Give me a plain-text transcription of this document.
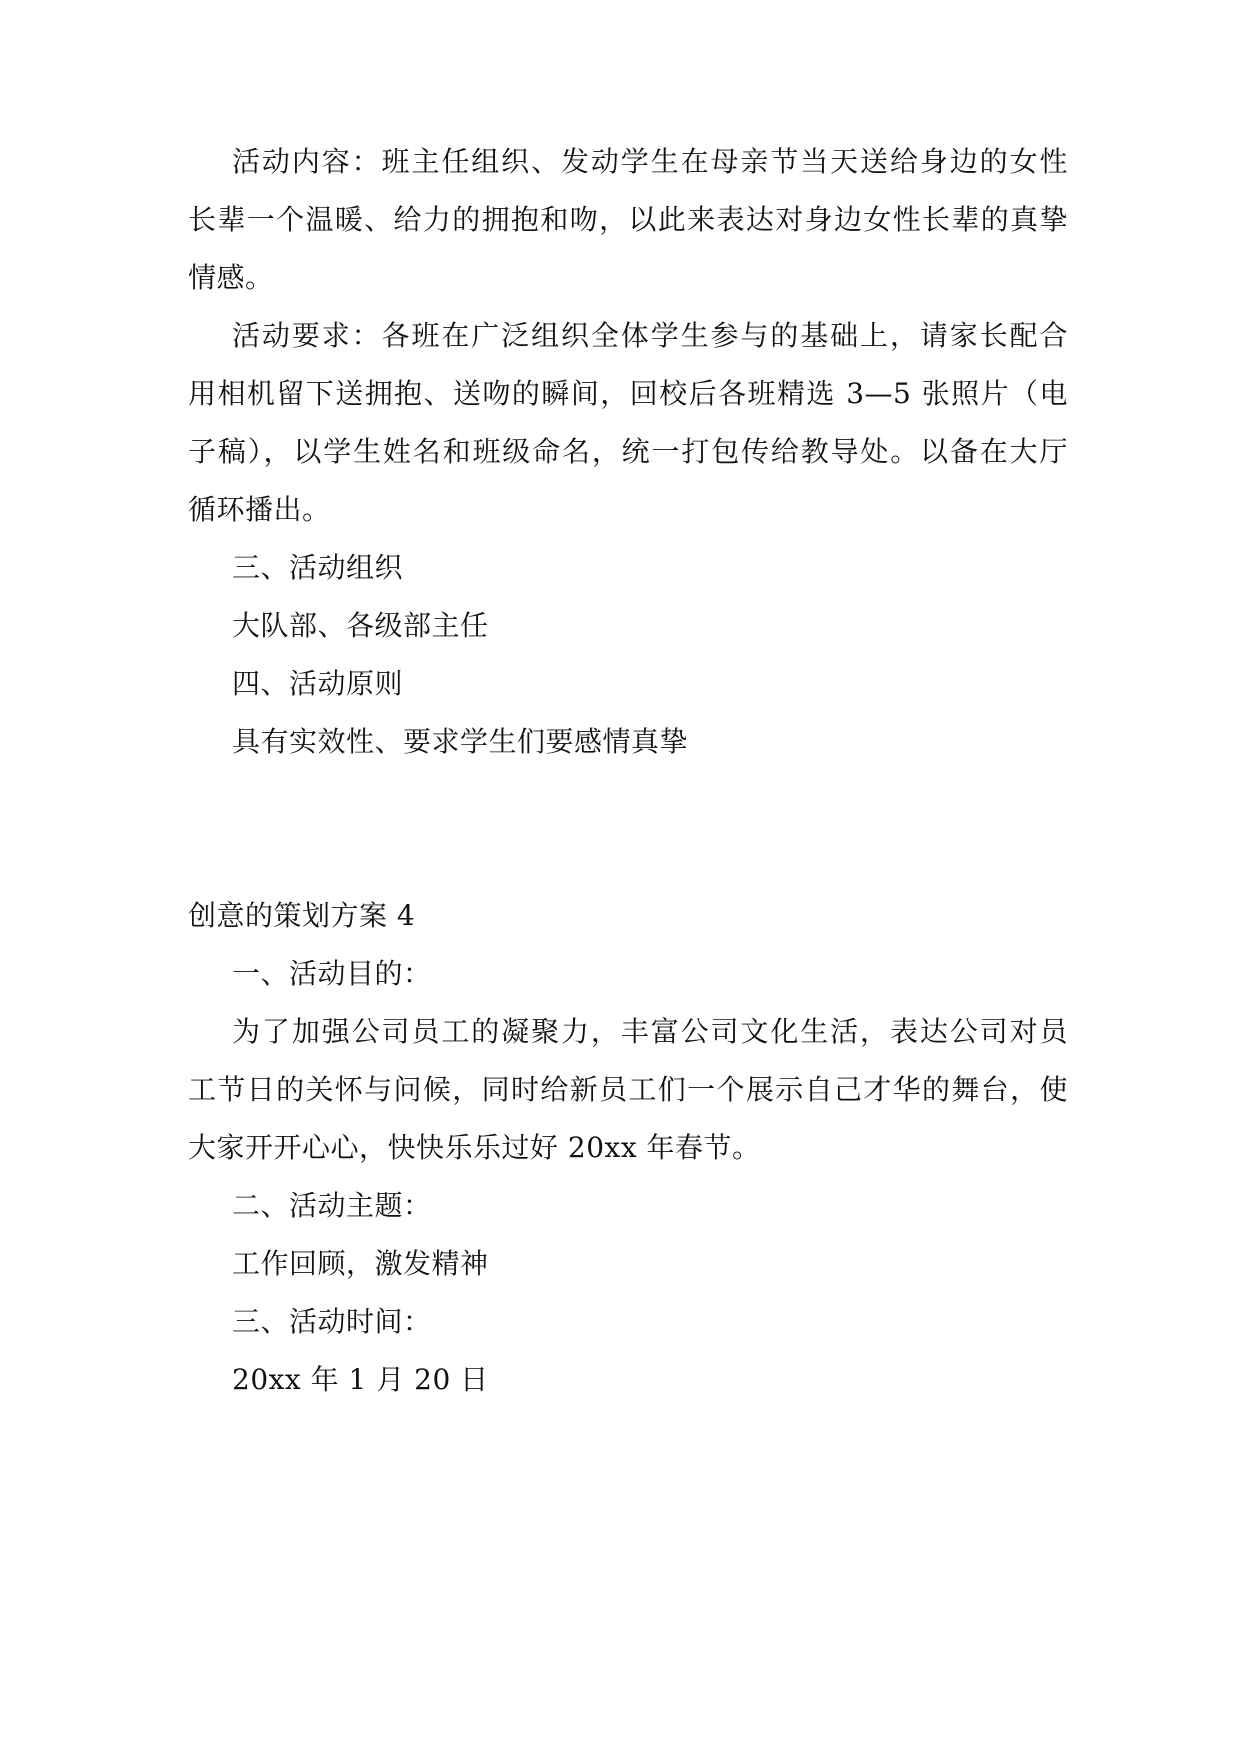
活动内容：班主任组织、发动学生在母亲节当天送给身边的女性
长辈一个温暖、给力的拥抱和吻，以此来表达对身边女性长辈的真挚
情感。
活动要求：各班在广泛组织全体学生参与的基础上，请家长配合
用相机留下送拥抱、送吻的瞬间，回校后各班精选 3—5 张照片（电
子稿），以学生姓名和班级命名，统一打包传给教导处。以备在大厅
循环播出。
三、活动组织
大队部、各级部主任
四、活动原则
具有实效性、要求学生们要感情真挚
创意的策划方案 4
一、活动目的：
为了加强公司员工的凝聚力，丰富公司文化生活，表达公司对员
工节日的关怀与问候，同时给新员工们一个展示自己才华的舞台，使
大家开开心心，快快乐乐过好 20xx 年春节。
二、活动主题：
工作回顾，激发精神
三、活动时间：
20xx 年 1 月 20 日
